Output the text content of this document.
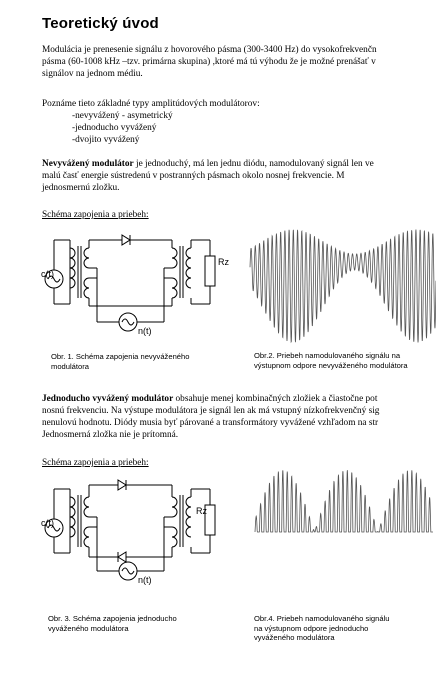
Teoretický úvod
Modulácia je prenesenie signálu z hovorového pásma (300-3400 Hz) do vysokofrekvenčn
pásma (60-1008 kHz –tzv. primárna skupina) ,ktoré má tú výhodu že je možné prenášať v
signálov na jednom médiu.
Poznáme tieto základné typy amplitúdových modulátorov:
-nevyvážený - asymetrický
-jednoducho vyvážený
-dvojito vyvážený
Nevyvážený modulátor je jednoduchý, má len jednu diódu, namodulovaný signál len ve
malú časť energie sústredenú v postranných pásmach okolo nosnej frekvencie. M
jednosmernú zložku.
Schéma zapojenia a priebeh:
c(t)
Rz
n(t)
Obr. 1. Schéma zapojenia nevyváženého
modulátora
Obr.2. Priebeh namodulovaného signálu na
výstupnom odpore nevyváženého modulátora
Jednoducho vyvážený modulátor obsahuje menej kombinačných zložiek a čiastočne pot
nosnú frekvenciu. Na výstupe modulátora je signál len ak má vstupný nízkofrekvenčný sig
nenulovú hodnotu. Diódy musia byť párované a transformátory vyvážené vzhľadom na str
Jednosmerná zložka nie je prítomná.
Schéma zapojenia a priebeh:
c(t)
Rz
n(t)
Obr. 3. Schéma zapojenia jednoducho
vyváženého modulátora
Obr.4. Priebeh namodulovaného signálu
na výstupnom odpore jednoducho
vyváženého modulátora
